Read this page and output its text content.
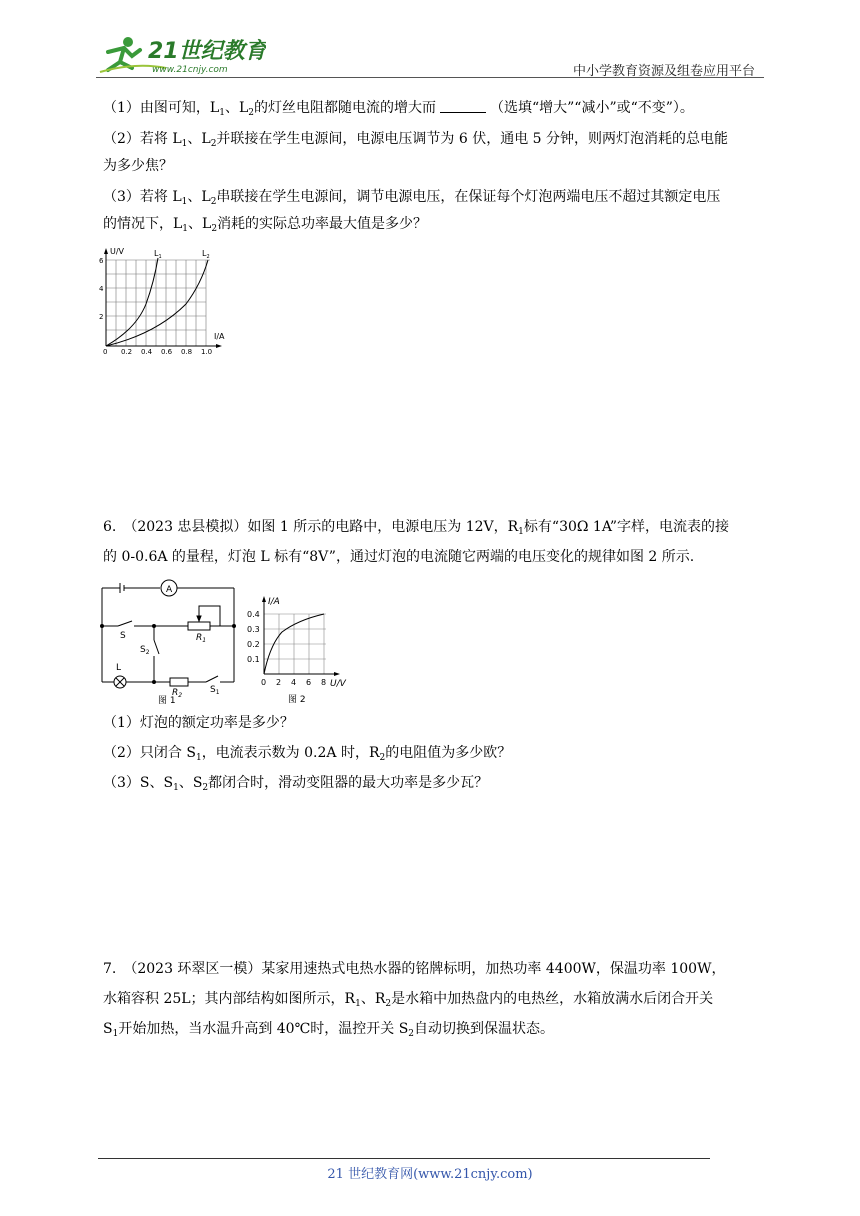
21世纪教育
www.21cnjy.com	中小学教育资源及组卷应用平台
（1）由图可知，$L_1$、$L_2$的灯丝电阻都随电流的增大而	（选填“增大”“减小”或“不变”）。
（2）若将 $L_1$、$L_2$并联接在学生电源间，电源电压调节为 6 伏，通电 5 分钟，则两灯泡消耗的总电能
为多少焦？
（3）若将 $L_1$、$L_2$串联接在学生电源间，调节电源电压，在保证每个灯泡两端电压不超过其额定电压
的情况下，$L_1$、$L_2$消耗的实际总功率最大值是多少？
U/V
I/A
$L_1$	$L_2$
6
4
2
0 0.2 0.4 0.6 0.8 1.0
6.　（2023 忠县模拟）如图 1 所示的电路中，电源电压为 12V，$R_1$标有“30Ω 1A”字样，电流表的接
的 0-0.6A 的量程，灯泡 L 标有“8V”，通过灯泡的电流随它两端的电压变化的规律如图 2 所示.
A
S	$R_1$
$S_2$
L
$R_2$
$S_1$
图 1
I/A
U/V
0.4
0.3
0.2
0.1
0 2 4 6 8
图 2
（1）灯泡的额定功率是多少？
（2）只闭合 $S_1$，电流表示数为 0.2A 时，$R_2$的电阻值为多少欧？
（3）S、$S_1$、$S_2$都闭合时，滑动变阻器的最大功率是多少瓦？
7.　（2023 环翠区一模）某家用速热式电热水器的铭牌标明，加热功率 4400W，保温功率 100W，
水箱容积 25L；其内部结构如图所示，$R_1$、$R_2$是水箱中加热盘内的电热丝，水箱放满水后闭合开关
$S_1$开始加热，当水温升高到 40℃时，温控开关 $S_2$自动切换到保温状态。
21 世纪教育网(www.21cnjy.com)
